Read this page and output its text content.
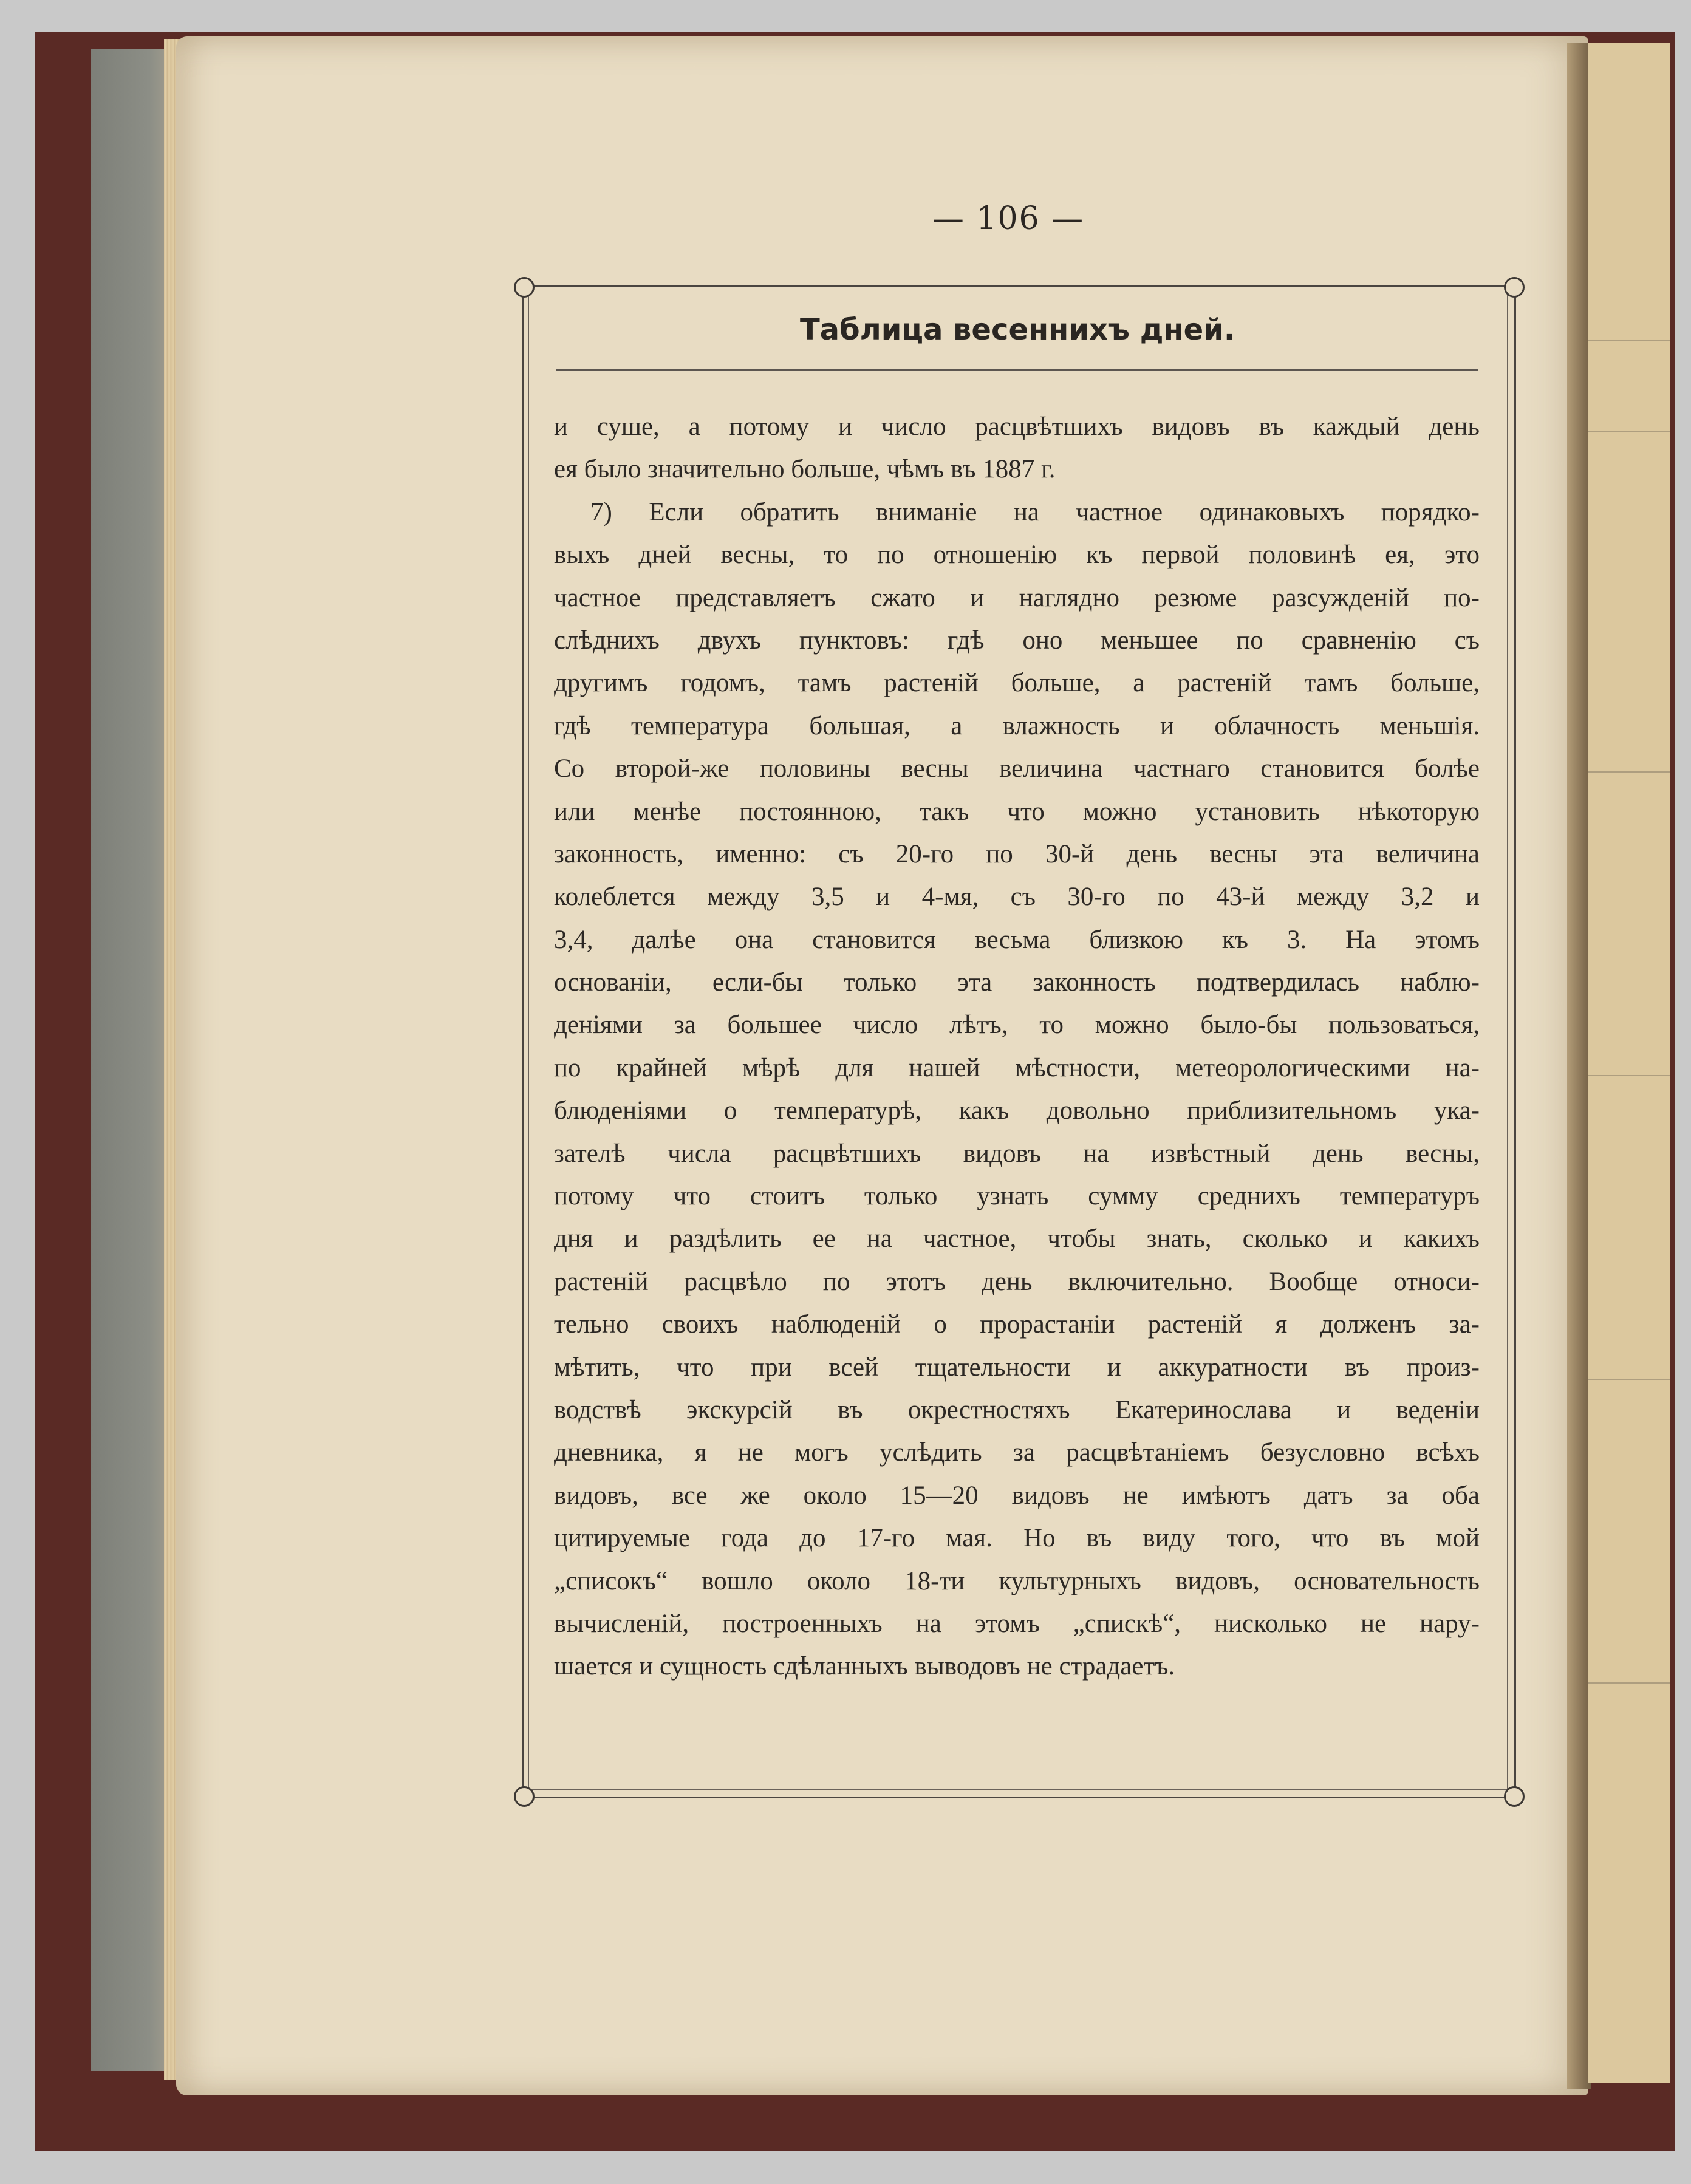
— 106 —
Таблица весеннихъ дней.
и суше, а потому и число расцвѣтшихъ видовъ въ каждый день
ея было значительно больше, чѣмъ въ 1887 г.
7) Если обратить вниманіе на частное одинаковыхъ порядко-
выхъ дней весны, то по отношенію къ первой половинѣ ея, это
частное представляетъ сжато и наглядно резюме разсужденій по-
слѣднихъ двухъ пунктовъ: гдѣ оно меньшее по сравненію съ
другимъ годомъ, тамъ растеній больше, а растеній тамъ больше,
гдѣ температура большая, а влажность и облачность меньшія.
Со второй-же половины весны величина частнаго становится болѣе
или менѣе постоянною, такъ что можно установить нѣкоторую
законность, именно: съ 20-го по 30-й день весны эта величина
колеблется между 3,5 и 4-мя, съ 30-го по 43-й между 3,2 и
3,4, далѣе она становится весьма близкою къ 3. На этомъ
основаніи, если-бы только эта законность подтвердилась наблю-
деніями за большее число лѣтъ, то можно было-бы пользоваться,
по крайней мѣрѣ для нашей мѣстности, метеорологическими на-
блюденіями о температурѣ, какъ довольно приблизительномъ ука-
зателѣ числа расцвѣтшихъ видовъ на извѣстный день весны,
потому что стоитъ только узнать сумму среднихъ температуръ
дня и раздѣлить ее на частное, чтобы знать, сколько и какихъ
растеній расцвѣло по этотъ день включительно. Вообще относи-
тельно своихъ наблюденій о прорастаніи растеній я долженъ за-
мѣтить, что при всей тщательности и аккуратности въ произ-
водствѣ экскурсій въ окрестностяхъ Екатеринослава и веденіи
дневника, я не могъ услѣдить за расцвѣтаніемъ безусловно всѣхъ
видовъ, все же около 15—20 видовъ не имѣютъ датъ за оба
цитируемые года до 17-го мая. Но въ виду того, что въ мой
„списокъ“ вошло около 18-ти культурныхъ видовъ, основательность
вычисленій, построенныхъ на этомъ „спискѣ“, нисколько не нару-
шается и сущность сдѣланныхъ выводовъ не страдаетъ.
